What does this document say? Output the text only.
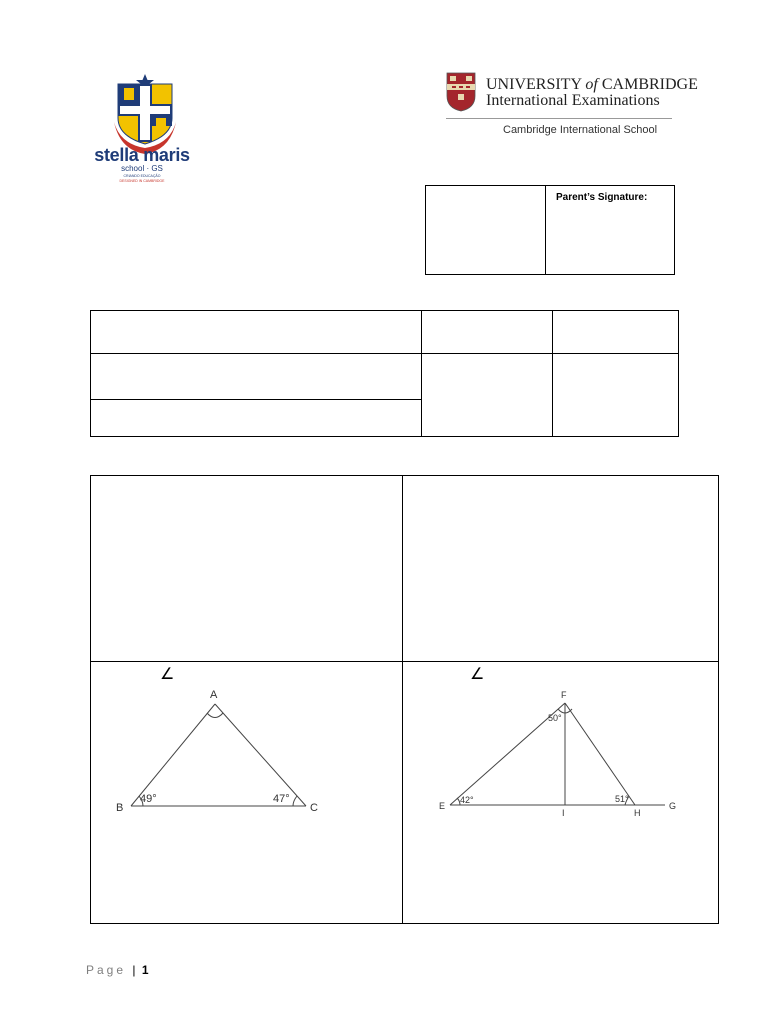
stella maris
school · GS
CRIANDO EDUCAÇÃO
DESIGNED IN CAMBRIDGE
UNIVERSITY of CAMBRIDGE
International Examinations
Cambridge International School
Parent’s Signature:
∠
A
B	C
49°	47°
∠
F
E
I	H
G
50°
42°	51°
Page | 1
